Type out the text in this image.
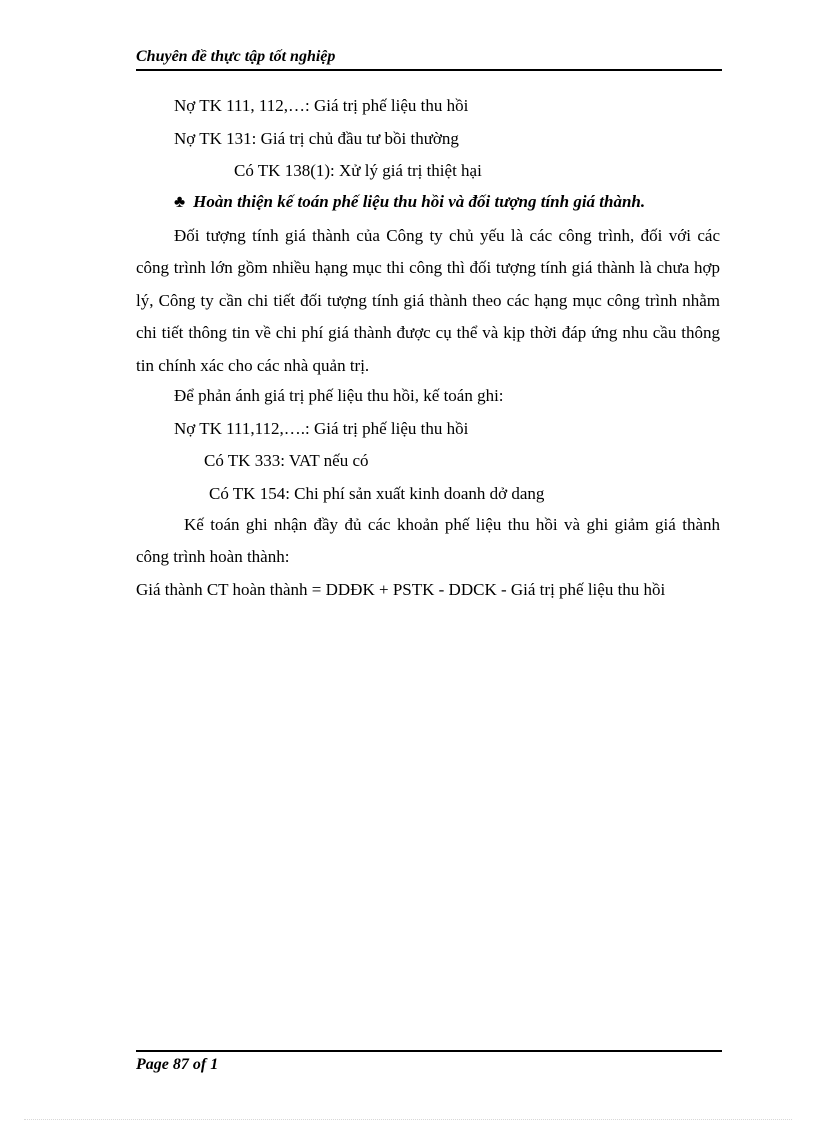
Chuyên đề thực tập tốt nghiệp
Nợ TK 111, 112,…: Giá trị phế liệu thu hồi
Nợ TK 131: Giá trị chủ đầu tư bồi thường
Có TK 138(1): Xử lý giá trị thiệt hại
♣ Hoàn thiện kế toán phế liệu thu hồi và đối tượng tính giá thành.
Đối tượng tính giá thành của Công ty chủ yếu là các công trình, đối với các công trình lớn gồm nhiều hạng mục thi công thì đối tượng tính giá thành là chưa hợp lý, Công ty cần chi tiết đối tượng tính giá thành theo các hạng mục công trình nhằm chi tiết thông tin về chi phí giá thành được cụ thể và kịp thời đáp ứng nhu cầu thông tin chính xác cho các nhà quản trị.
Để phản ánh giá trị phế liệu thu hồi, kế toán ghi:
Nợ TK 111,112,….: Giá trị phế liệu thu hồi
Có TK 333: VAT nếu có
Có TK 154: Chi phí sản xuất kinh doanh dở dang
Kế toán ghi nhận đầy đủ các khoản phế liệu thu hồi và ghi giảm giá thành công trình hoàn thành:
Giá thành CT hoàn thành = DDĐK + PSTK - DDCK - Giá trị phế liệu thu hồi
Page 87 of 1
